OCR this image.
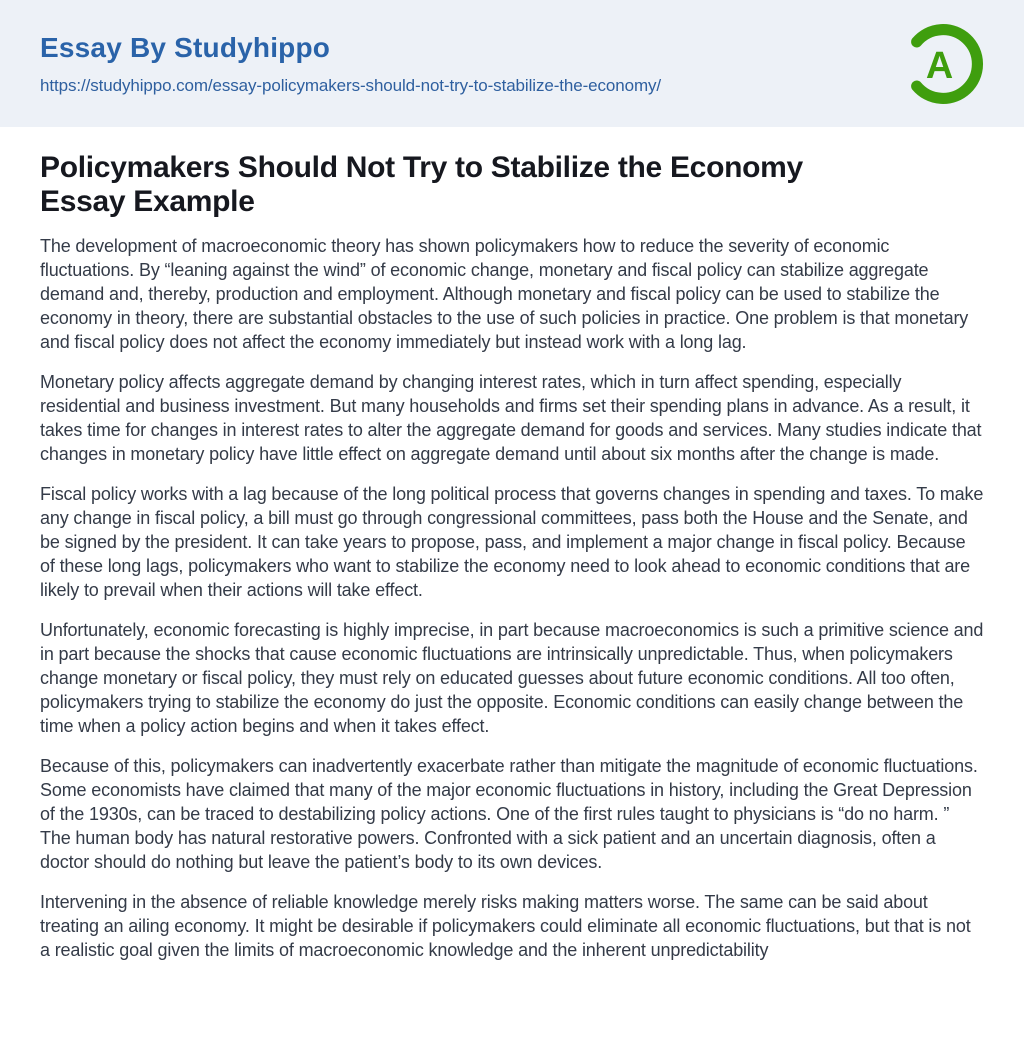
Essay By Studyhippo
https://studyhippo.com/essay-policymakers-should-not-try-to-stabilize-the-economy/	A
Policymakers Should Not Try to Stabilize the Economy Essay Example

The development of macroeconomic theory has shown policymakers how to reduce the severity of economic fluctuations. By “leaning against the wind” of economic change, monetary and fiscal policy can stabilize aggregate demand and, thereby, production and employment. Although monetary and fiscal policy can be used to stabilize the economy in theory, there are substantial obstacles to the use of such policies in practice. One problem is that monetary and fiscal policy does not affect the economy immediately but instead work with a long lag.

Monetary policy affects aggregate demand by changing interest rates, which in turn affect spending, especially residential and business investment. But many households and firms set their spending plans in advance. As a result, it takes time for changes in interest rates to alter the aggregate demand for goods and services. Many studies indicate that changes in monetary policy have little effect on aggregate demand until about six months after the change is made.

Fiscal policy works with a lag because of the long political process that governs changes in spending and taxes. To make any change in fiscal policy, a bill must go through congressional committees, pass both the House and the Senate, and be signed by the president. It can take years to propose, pass, and implement a major change in fiscal policy. Because of these long lags, policymakers who want to stabilize the economy need to look ahead to economic conditions that are likely to prevail when their actions will take effect.

Unfortunately, economic forecasting is highly imprecise, in part because macroeconomics is such a primitive science and in part because the shocks that cause economic fluctuations are intrinsically unpredictable. Thus, when policymakers change monetary or fiscal policy, they must rely on educated guesses about future economic conditions. All too often, policymakers trying to stabilize the economy do just the opposite. Economic conditions can easily change between the time when a policy action begins and when it takes effect.

Because of this, policymakers can inadvertently exacerbate rather than mitigate the magnitude of economic fluctuations. Some economists have claimed that many of the major economic fluctuations in history, including the Great Depression of the 1930s, can be traced to destabilizing policy actions. One of the first rules taught to physicians is “do no harm. ” The human body has natural restorative powers. Confronted with a sick patient and an uncertain diagnosis, often a doctor should do nothing but leave the patient’s body to its own devices.

Intervening in the absence of reliable knowledge merely risks making matters worse. The same can be said about treating an ailing economy. It might be desirable if policymakers could eliminate all economic fluctuations, but that is not a realistic goal given the limits of macroeconomic knowledge and the inherent unpredictability
